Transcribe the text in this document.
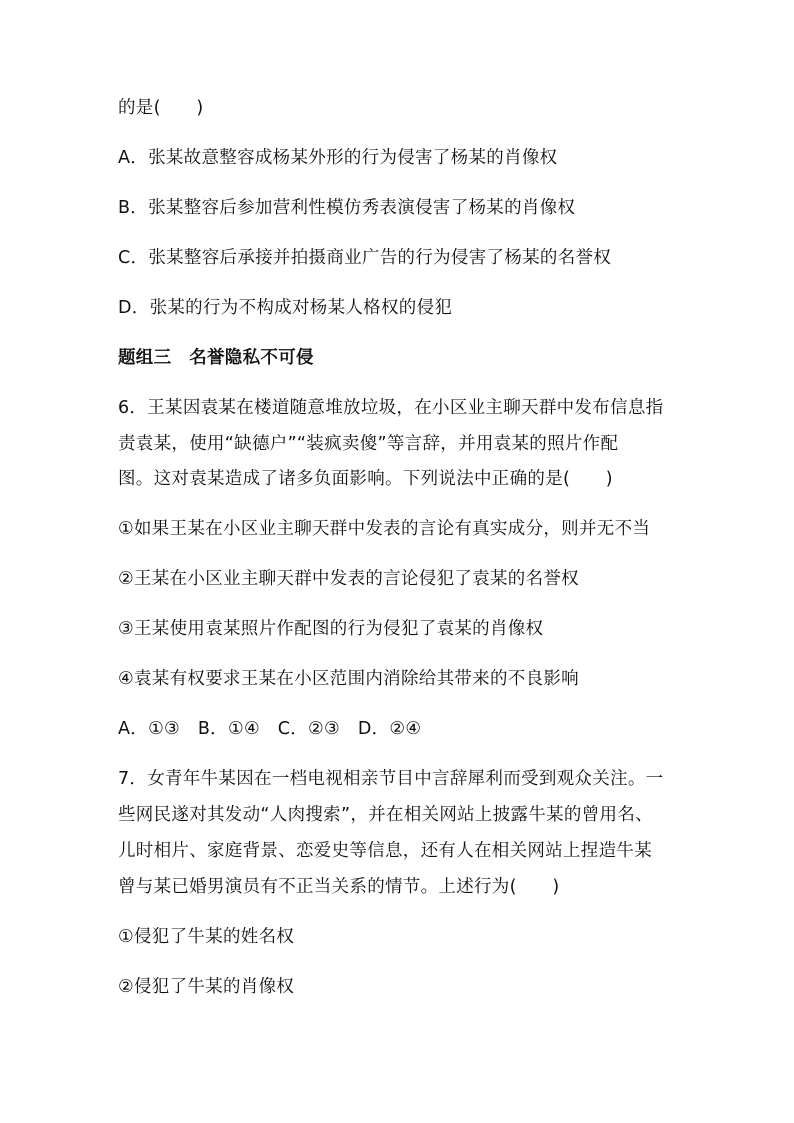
的是(　　)
A．张某故意整容成杨某外形的行为侵害了杨某的肖像权
B．张某整容后参加营利性模仿秀表演侵害了杨某的肖像权
C．张某整容后承接并拍摄商业广告的行为侵害了杨某的名誉权
D．张某的行为不构成对杨某人格权的侵犯
题组三　名誉隐私不可侵
6．王某因袁某在楼道随意堆放垃圾，在小区业主聊天群中发布信息指
责袁某，使用“缺德户”“装疯卖傻”等言辞，并用袁某的照片作配
图。这对袁某造成了诸多负面影响。下列说法中正确的是(　　)
①如果王某在小区业主聊天群中发表的言论有真实成分，则并无不当
②王某在小区业主聊天群中发表的言论侵犯了袁某的名誉权
③王某使用袁某照片作配图的行为侵犯了袁某的肖像权
④袁某有权要求王某在小区范围内消除给其带来的不良影响
A．①③　B．①④　C．②③　D．②④
7．女青年牛某因在一档电视相亲节目中言辞犀利而受到观众关注。一
些网民遂对其发动“人肉搜索”，并在相关网站上披露牛某的曾用名、
儿时相片、家庭背景、恋爱史等信息，还有人在相关网站上捏造牛某
曾与某已婚男演员有不正当关系的情节。上述行为(　　)
①侵犯了牛某的姓名权
②侵犯了牛某的肖像权
